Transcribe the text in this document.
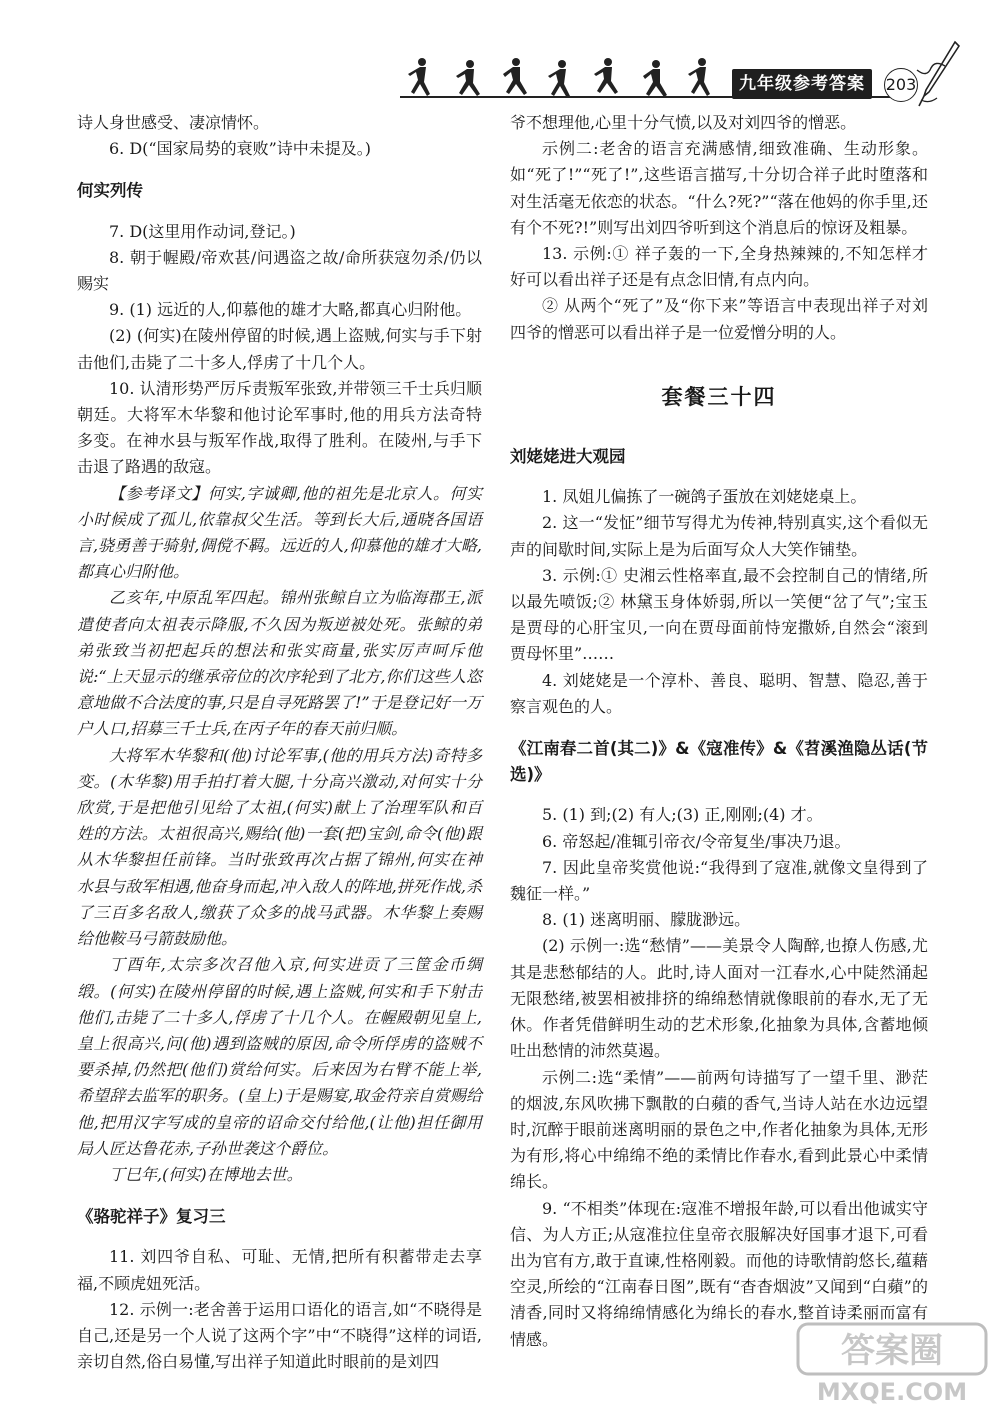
九年级参考答案	203

诗人身世感受、凄凉情怀。

6. D(“国家局势的衰败”诗中未提及。)

何实列传

7. D(这里用作动词,登记。)

8. 朝于幄殿/帝欢甚/问遇盗之故/命所获寇勿杀/仍以赐实

9. (1) 远近的人,仰慕他的雄才大略,都真心归附他。

(2) (何实)在陵州停留的时候,遇上盗贼,何实与手下射击他们,击毙了二十多人,俘虏了十几个人。

10. 认清形势严厉斥责叛军张致,并带领三千士兵归顺朝廷。大将军木华黎和他讨论军事时,他的用兵方法奇特多变。在神水县与叛军作战,取得了胜利。在陵州,与手下击退了路遇的敌寇。

【参考译文】何实,字诚卿,他的祖先是北京人。何实小时候成了孤儿,依靠叔父生活。等到长大后,通晓各国语言,骁勇善于骑射,倜傥不羁。远近的人,仰慕他的雄才大略,都真心归附他。

乙亥年,中原乱军四起。锦州张鲸自立为临海郡王,派遣使者向太祖表示降服,不久因为叛逆被处死。张鲸的弟弟张致当初把起兵的想法和张实商量,张实厉声呵斥他说:“上天显示的继承帝位的次序轮到了北方,你们这些人恣意地做不合法度的事,只是自寻死路罢了!”于是登记好一万户人口,招募三千士兵,在丙子年的春天前归顺。

大将军木华黎和(他)讨论军事,(他的用兵方法)奇特多变。(木华黎)用手拍打着大腿,十分高兴激动,对何实十分欣赏,于是把他引见给了太祖,(何实)献上了治理军队和百姓的方法。太祖很高兴,赐给(他)一套(把)宝剑,命令(他)跟从木华黎担任前锋。当时张致再次占据了锦州,何实在神水县与敌军相遇,他奋身而起,冲入敌人的阵地,拼死作战,杀了三百多名敌人,缴获了众多的战马武器。木华黎上奏赐给他鞍马弓箭鼓励他。

丁酉年,太宗多次召他入京,何实进贡了三筐金币绸缎。(何实)在陵州停留的时候,遇上盗贼,何实和手下射击他们,击毙了二十多人,俘虏了十几个人。在幄殿朝见皇上,皇上很高兴,问(他)遇到盗贼的原因,命令所俘虏的盗贼不要杀掉,仍然把(他们)赏给何实。后来因为右臂不能上举,希望辞去监军的职务。(皇上)于是赐宴,取金符亲自赏赐给他,把用汉字写成的皇帝的诏命交付给他,(让他)担任御用局人匠达鲁花赤,子孙世袭这个爵位。

丁巳年,(何实)在博地去世。

《骆驼祥子》复习三

11. 刘四爷自私、可耻、无情,把所有积蓄带走去享福,不顾虎妞死活。

12. 示例一:老舍善于运用口语化的语言,如“不晓得是自己,还是另一个人说了这两个字”中“不晓得”这样的词语,亲切自然,俗白易懂,写出祥子知道此时眼前的是刘四

爷不想理他,心里十分气愤,以及对刘四爷的憎恶。

示例二:老舍的语言充满感情,细致准确、生动形象。如“死了!”“死了!”,这些语言描写,十分切合祥子此时堕落和对生活毫无依恋的状态。“什么?死?”“落在他妈的你手里,还有个不死?!”则写出刘四爷听到这个消息后的惊讶及粗暴。

13. 示例:① 祥子轰的一下,全身热辣辣的,不知怎样才好可以看出祥子还是有点念旧情,有点内向。

② 从两个“死了”及“你下来”等语言中表现出祥子对刘四爷的憎恶可以看出祥子是一位爱憎分明的人。

套餐三十四
刘姥姥进大观园

1. 凤姐儿偏拣了一碗鸽子蛋放在刘姥姥桌上。

2. 这一“发怔”细节写得尤为传神,特别真实,这个看似无声的间歇时间,实际上是为后面写众人大笑作铺垫。

3. 示例:① 史湘云性格率直,最不会控制自己的情绪,所以最先喷饭;② 林黛玉身体娇弱,所以一笑便“岔了气”;宝玉是贾母的心肝宝贝,一向在贾母面前恃宠撒娇,自然会“滚到贾母怀里”……

4. 刘姥姥是一个淳朴、善良、聪明、智慧、隐忍,善于察言观色的人。

《江南春二首(其二)》&《寇准传》&《苕溪渔隐丛话(节选)》

5. (1) 到;(2) 有人;(3) 正,刚刚;(4) 才。

6. 帝怒起/准辄引帝衣/令帝复坐/事决乃退。

7. 因此皇帝奖赏他说:“我得到了寇准,就像文皇得到了魏征一样。”

8. (1) 迷离明丽、朦胧渺远。

(2) 示例一:选“愁情”——美景令人陶醉,也撩人伤感,尤其是悲愁郁结的人。此时,诗人面对一江春水,心中陡然涌起无限愁绪,被罢相被排挤的绵绵愁情就像眼前的春水,无了无休。作者凭借鲜明生动的艺术形象,化抽象为具体,含蓄地倾吐出愁情的沛然莫遏。

示例二:选“柔情”——前两句诗描写了一望千里、渺茫的烟波,东风吹拂下飘散的白蘋的香气,当诗人站在水边远望时,沉醉于眼前迷离明丽的景色之中,作者化抽象为具体,无形为有形,将心中绵绵不绝的柔情比作春水,看到此景心中柔情绵长。

9. “不相类”体现在:寇准不增报年龄,可以看出他诚实守信、为人方正;从寇准拉住皇帝衣服解决好国事才退下,可看出为官有方,敢于直谏,性格刚毅。而他的诗歌情韵悠长,蕴藉空灵,所绘的“江南春日图”,既有“杳杳烟波”又闻到“白蘋”的清香,同时又将绵绵情感化为绵长的春水,整首诗柔丽而富有情感。	答案圈
MXQE.COM
